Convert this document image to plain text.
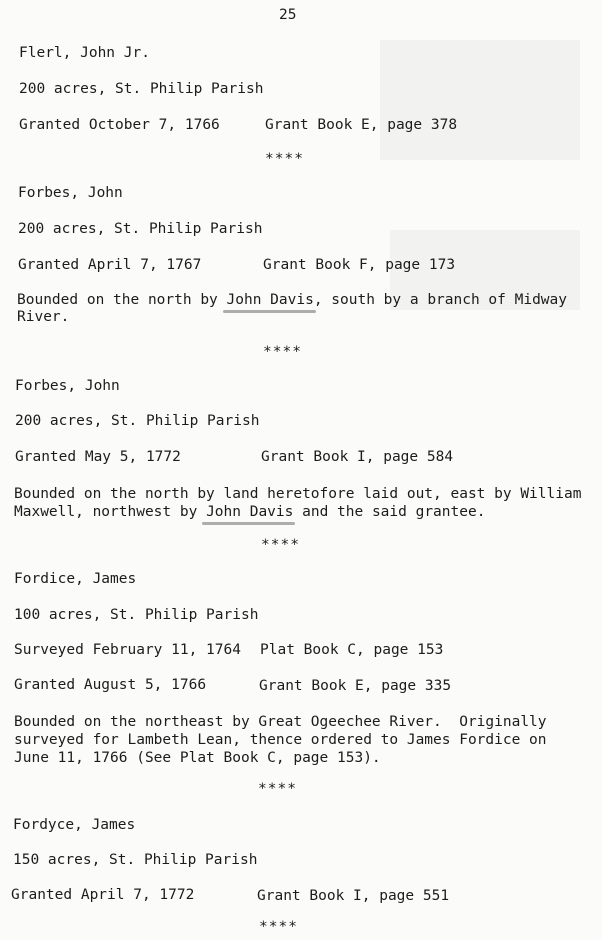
25
Flerl, John Jr.
200 acres, St. Philip Parish
Granted October 7, 1766	Grant Book E, page 378
****
Forbes, John
200 acres, St. Philip Parish
Granted April 7, 1767	Grant Book F, page 173
Bounded on the north by John Davis, south by a branch of Midway
River.
****
Forbes, John
200 acres, St. Philip Parish
Granted May 5, 1772	Grant Book I, page 584
Bounded on the north by land heretofore laid out, east by William
Maxwell, northwest by John Davis and the said grantee.
****
Fordice, James
100 acres, St. Philip Parish
Surveyed February 11, 1764 Plat Book C, page 153
Granted August 5, 1766	Grant Book E, page 335
Bounded on the northeast by Great Ogeechee River.  Originally
surveyed for Lambeth Lean, thence ordered to James Fordice on
June 11, 1766 (See Plat Book C, page 153).
****
Fordyce, James
150 acres, St. Philip Parish
Granted April 7, 1772	Grant Book I, page 551
****
